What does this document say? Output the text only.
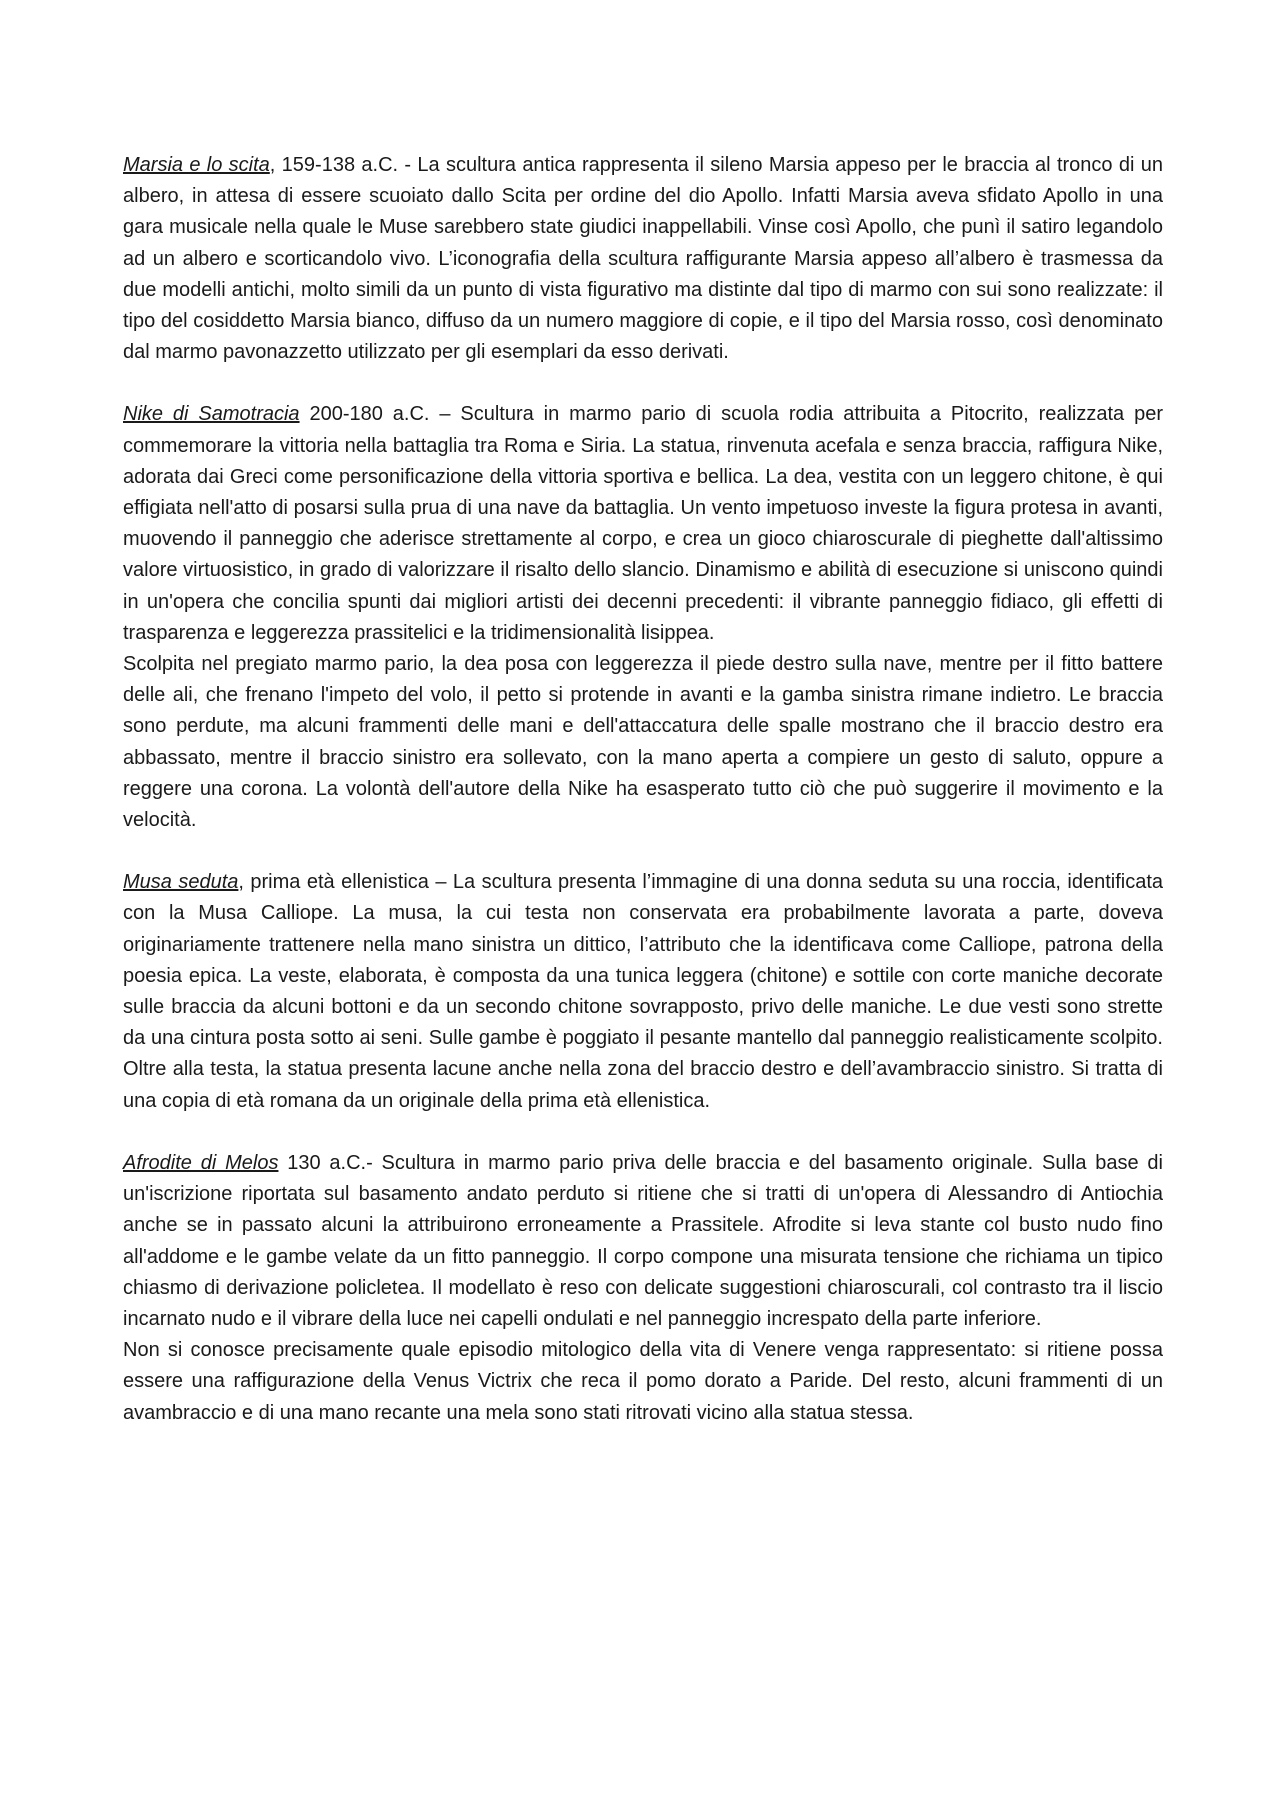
Marsia e lo scita, 159-138 a.C. - La scultura antica rappresenta il sileno Marsia appeso per le braccia al tronco di un albero, in attesa di essere scuoiato dallo Scita per ordine del dio Apollo. Infatti Marsia aveva sfidato Apollo in una gara musicale nella quale le Muse sarebbero state giudici inappellabili. Vinse così Apollo, che punì il satiro legandolo ad un albero e scorticandolo vivo. L’iconografia della scultura raffigurante Marsia appeso all’albero è trasmessa da due modelli antichi, molto simili da un punto di vista figurativo ma distinte dal tipo di marmo con sui sono realizzate: il tipo del cosiddetto Marsia bianco, diffuso da un numero maggiore di copie, e il tipo del Marsia rosso, così denominato dal marmo pavonazzetto utilizzato per gli esemplari da esso derivati.

Nike di Samotracia 200-180 a.C. – Scultura in marmo pario di scuola rodia attribuita a Pitocrito, realizzata per commemorare la vittoria nella battaglia tra Roma e Siria. La statua, rinvenuta acefala e senza braccia, raffigura Nike, adorata dai Greci come personificazione della vittoria sportiva e bellica. La dea, vestita con un leggero chitone, è qui effigiata nell'atto di posarsi sulla prua di una nave da battaglia. Un vento impetuoso investe la figura protesa in avanti, muovendo il panneggio che aderisce strettamente al corpo, e crea un gioco chiaroscurale di pieghette dall'altissimo valore virtuosistico, in grado di valorizzare il risalto dello slancio. Dinamismo e abilità di esecuzione si uniscono quindi in un'opera che concilia spunti dai migliori artisti dei decenni precedenti: il vibrante panneggio fidiaco, gli effetti di trasparenza e leggerezza prassitelici e la tridimensionalità lisippea.

Scolpita nel pregiato marmo pario, la dea posa con leggerezza il piede destro sulla nave, mentre per il fitto battere delle ali, che frenano l'impeto del volo, il petto si protende in avanti e la gamba sinistra rimane indietro. Le braccia sono perdute, ma alcuni frammenti delle mani e dell'attaccatura delle spalle mostrano che il braccio destro era abbassato, mentre il braccio sinistro era sollevato, con la mano aperta a compiere un gesto di saluto, oppure a reggere una corona. La volontà dell'autore della Nike ha esasperato tutto ciò che può suggerire il movimento e la velocità.

Musa seduta, prima età ellenistica – La scultura presenta l’immagine di una donna seduta su una roccia, identificata con la Musa Calliope. La musa, la cui testa non conservata era probabilmente lavorata a parte, doveva originariamente trattenere nella mano sinistra un dittico, l’attributo che la identificava come Calliope, patrona della poesia epica. La veste, elaborata, è composta da una tunica leggera (chitone) e sottile con corte maniche decorate sulle braccia da alcuni bottoni e da un secondo chitone sovrapposto, privo delle maniche. Le due vesti sono strette da una cintura posta sotto ai seni. Sulle gambe è poggiato il pesante mantello dal panneggio realisticamente scolpito. Oltre alla testa, la statua presenta lacune anche nella zona del braccio destro e dell’avambraccio sinistro. Si tratta di una copia di età romana da un originale della prima età ellenistica.

Afrodite di Melos 130 a.C.- Scultura in marmo pario priva delle braccia e del basamento originale. Sulla base di un'iscrizione riportata sul basamento andato perduto si ritiene che si tratti di un'opera di Alessandro di Antiochia anche se in passato alcuni la attribuirono erroneamente a Prassitele. Afrodite si leva stante col busto nudo fino all'addome e le gambe velate da un fitto panneggio. Il corpo compone una misurata tensione che richiama un tipico chiasmo di derivazione policletea. Il modellato è reso con delicate suggestioni chiaroscurali, col contrasto tra il liscio incarnato nudo e il vibrare della luce nei capelli ondulati e nel panneggio increspato della parte inferiore.

Non si conosce precisamente quale episodio mitologico della vita di Venere venga rappresentato: si ritiene possa essere una raffigurazione della Venus Victrix che reca il pomo dorato a Paride. Del resto, alcuni frammenti di un avambraccio e di una mano recante una mela sono stati ritrovati vicino alla statua stessa.
